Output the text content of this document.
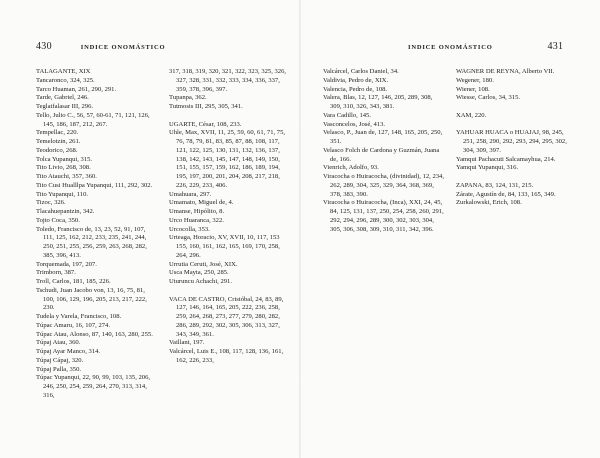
430	INDICE ONOMÁSTICO	INDICE ONOMÁSTICO	431
TALAGANTE, XIX
Tancaronco, 324, 325.
Tarco Huaman, 261, 290, 291.
Tarde, Gabriel, 246.
Teglatfalasar III, 296.
Tello, Julio C., 56, 57, 60-61, 71, 121, 126, 145, 186, 187, 212, 267.
Tempellac, 220.
Temelotzin, 261.
Teodorico, 268.
Tolca Yupanqui, 315.
Tito Livio, 268, 308.
Tito Atauchi, 357, 360.
Tito Cusi Hualllpa Yupanqui, 111, 292, 302.
Tito Yupanqui, 110.
Tizoc, 326.
Tlacahuepantzin, 342.
Tojto Coca, 350.
Toledo, Francisco de, 13, 23, 52, 91, 107, 111, 125, 162, 212, 233, 235, 241, 244, 250, 251, 255, 256, 259, 263, 268, 282, 385, 396, 413.
Torquemada, 197, 207.
Trimborn, 387.
Troll, Carlos, 181, 185, 226.
Tschudi, Juan Jacobo von, 13, 16, 75, 81, 100, 106, 129, 196, 205, 213, 217, 222, 230.
Tudela y Varela, Francisco, 108.
Túpac Amaru, 16, 107, 274.
Túpac Atau, Alonso, 87, 140, 163, 280, 255.
Túpaj Atau, 360.
Túpaj Ayar Manco, 314.
Túpaj Cápaj, 320.
Túpaj Palla, 350.
Túpac Yupanqui, 22, 90, 99, 103, 135, 206, 246, 250, 254, 259, 264, 270, 313, 314, 316,
317, 318, 319, 320, 321, 322, 323, 325, 326, 327, 328, 331, 332, 333, 334, 336, 337, 359, 378, 396, 397.
Tupanpa, 362.
Tutmosis III, 295, 305, 341.
UGARTE, César, 108, 233.
Uhle, Max, XVII, 11, 25, 59, 60, 61, 71, 75, 76, 78, 79, 81, 83, 85, 87, 88, 108, 117, 121, 122, 125, 130, 131, 132, 136, 137, 138, 142, 143, 145, 147, 148, 149, 150, 151, 155, 157, 159, 162, 186, 189, 194, 195, 197, 200, 201, 204, 208, 217, 218, 226, 229, 233, 406.
Umahuara, 297.
Umamato, Miguel de, 4.
Umanse, Hipólito, 8.
Urco Huaranca, 322.
Urcocolla, 353.
Urteaga, Horacio, XV, XVII, 10, 117, 153 155, 160, 161, 162, 165, 169, 170, 258, 264, 296.
Urrutia Ceruti, José, XIX.
Usca Mayta, 250, 285.
Uturuncu Achachi, 291.
VACA DE CASTRO, Cristóbal, 24, 83, 89, 127, 146, 164, 165, 205, 222, 236, 258, 259, 264, 268, 273, 277, 279, 280, 282, 286, 289, 292, 302, 305, 306, 313, 327, 343, 349, 361.
Vaillant, 197.
Valcárcel, Luis E., 108, 117, 128, 136, 161, 162, 226, 233,
Valcárcel, Carlos Daniel, 34.
Valdivia, Pedro de, XIX.
Valencia, Pedro de, 108.
Valera, Blas, 12, 127, 146, 205, 289, 308, 309, 310, 326, 343, 381.
Vara Cadillo, 145.
Vasconcelos, José, 413.
Velasco, P., Juan de, 127, 148, 165, 205, 250, 351.
Velasco Folch de Cardona y Guzmán, Juana de, 166.
Vienrich, Adolfo, 93.
Viracocha o Huiracocha, (divinidad), 12, 234, 262, 289, 304, 325, 329, 364, 368, 369, 378, 383, 390.
Viracocha o Huiracocha, (Inca), XXI, 24, 45, 84, 125, 131, 137, 250, 254, 258, 260, 291, 292, 294, 296, 289, 300, 302, 303, 304, 305, 306, 308, 309, 310, 311, 342, 396.
WAGNER DE REYNA, Alberto VII.
Wegener, 180.
Wiener, 108.
Wiesse, Carlos, 34, 315.
XAM, 220.
YAHUAR HUACA o HUAJAJ, 98, 245, 251, 258, 290, 292, 293, 294, 295, 302, 304, 309, 397.
Yamqui Pachacuti Salcamayhua, 214.
Yamqui Yupanqui, 316.
ZAPANA, 83, 124, 131, 215.
Zárate, Agustín de, 84, 133, 165, 349.
Zurkalowski, Erich, 108.
